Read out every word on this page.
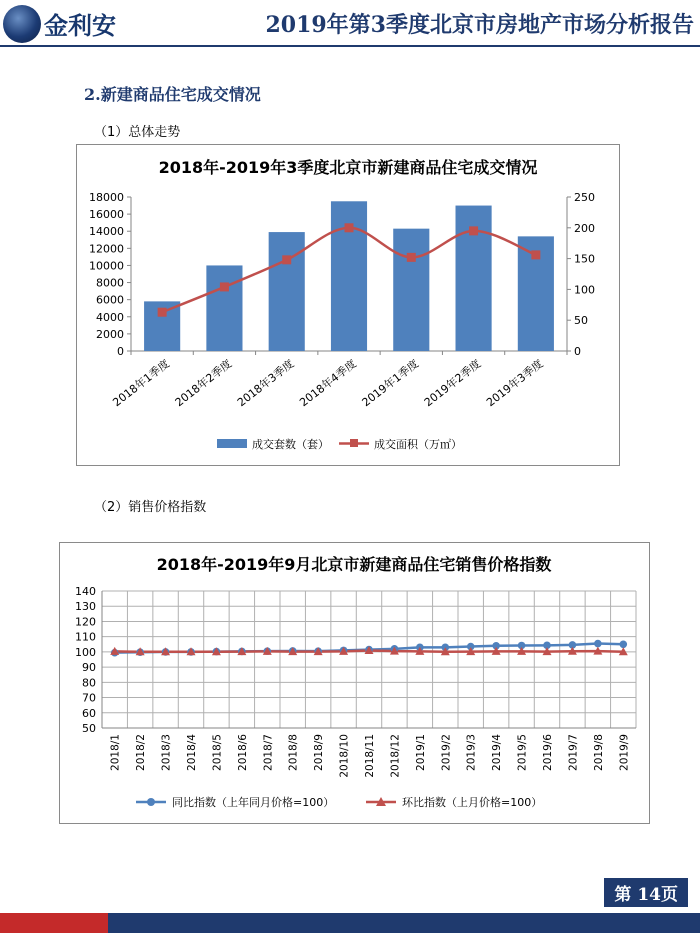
金利安	2019年第3季度北京市房地产市场分析报告
2.新建商品住宅成交情况
（1）总体走势
2018年-2019年3季度北京市新建商品住宅成交情况
0
2000
4000
6000
8000
10000
12000
14000
16000
18000
0
50
100
150
200
250
2018年1季度 2018年2季度 2018年3季度 2018年4季度 2019年1季度 2019年2季度 2019年3季度
成交套数（套）	成交面积（万㎡）
（2）销售价格指数
2018年-2019年9月北京市新建商品住宅销售价格指数
50
60
70
80
90
100
110
120
130
140
2018/1 2018/2 2018/3 2018/4 2018/5 2018/6 2018/7 2018/8 2018/9 2018/10 2018/11 2018/12 2019/1 2019/2 2019/3 2019/4 2019/5 2019/6 2019/7 2019/8 2019/9
同比指数（上年同月价格=100）	环比指数（上月价格=100）
第 14页
